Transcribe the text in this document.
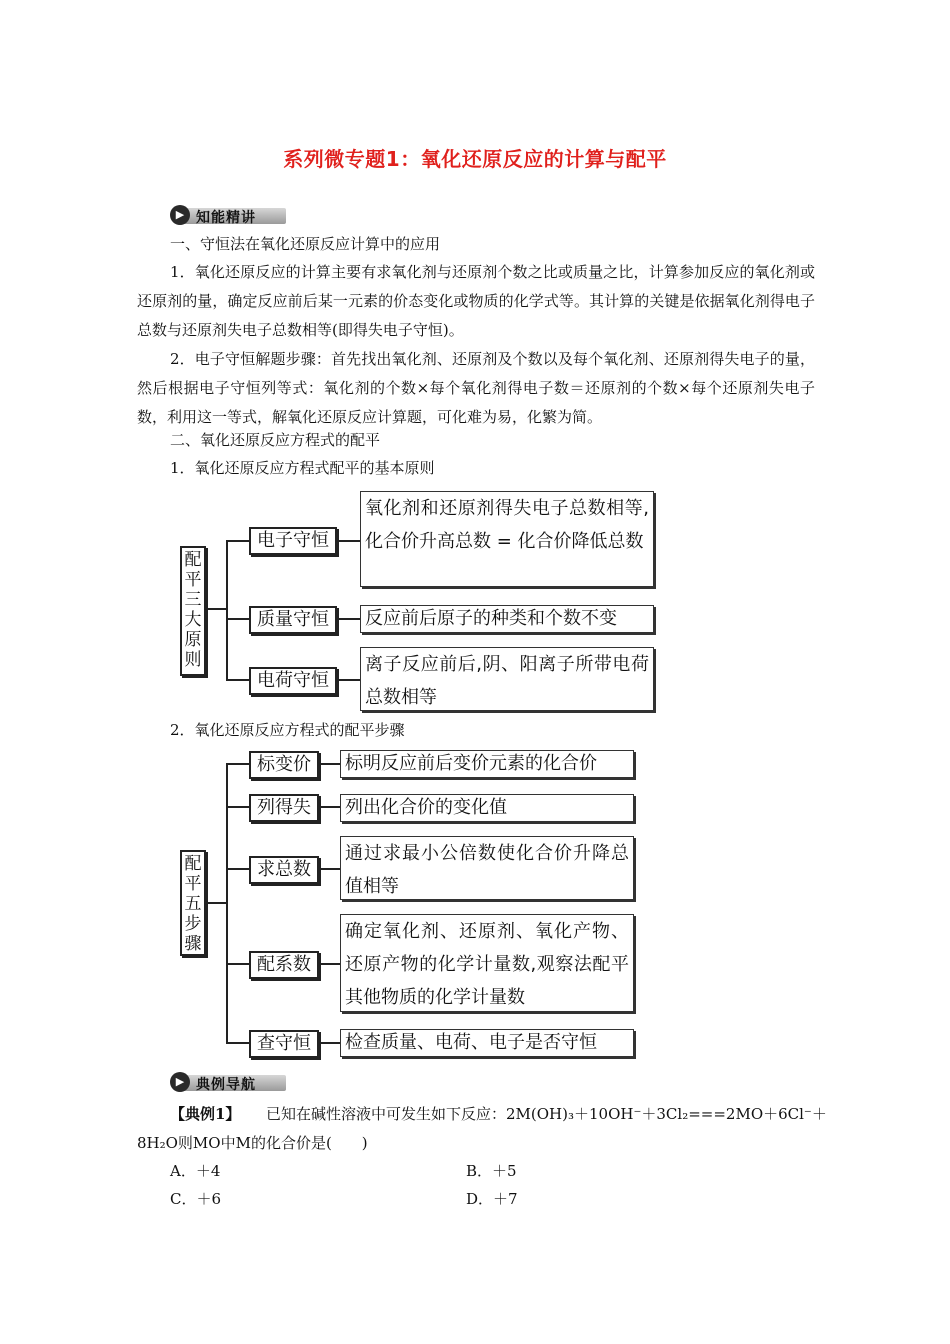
系列微专题1：氧化还原反应的计算与配平
▶ 知能精讲
一、守恒法在氧化还原反应计算中的应用
1．氧化还原反应的计算主要有求氧化剂与还原剂个数之比或质量之比，计算参加反应的氧化剂或还原剂的量，确定反应前后某一元素的价态变化或物质的化学式等。其计算的关键是依据氧化剂得电子总数与还原剂失电子总数相等(即得失电子守恒)。
2．电子守恒解题步骤：首先找出氧化剂、还原剂及个数以及每个氧化剂、还原剂得失电子的量，然后根据电子守恒列等式：氧化剂的个数×每个氧化剂得电子数＝还原剂的个数×每个还原剂失电子数，利用这一等式，解氧化还原反应计算题，可化难为易，化繁为简。
二、氧化还原反应方程式的配平
1．氧化还原反应方程式配平的基本原则
配平三大原则
电子守恒
氧化剂和还原剂得失电子总数相等,化合价升高总数 = 化合价降低总数
质量守恒	反应前后原子的种类和个数不变
电荷守恒
离子反应前后,阴、阳离子所带电荷总数相等
2．氧化还原反应方程式的配平步骤
配平五步骤
标变价	标明反应前后变价元素的化合价
列得失	列出化合价的变化值
求总数
通过求最小公倍数使化合价升降总值相等
配系数
确定氧化剂、还原剂、氧化产物、还原产物的化学计量数,观察法配平其他物质的化学计量数
查守恒	检查质量、电荷、电子是否守恒
▶ 典例导航
【典例1】 已知在碱性溶液中可发生如下反应：2M(OH)₃＋10OH⁻＋3Cl₂===2MO＋6Cl⁻＋
8H₂O则MO中M的化合价是(　　)
A．＋4	B．＋5
C．＋6	D．＋7
